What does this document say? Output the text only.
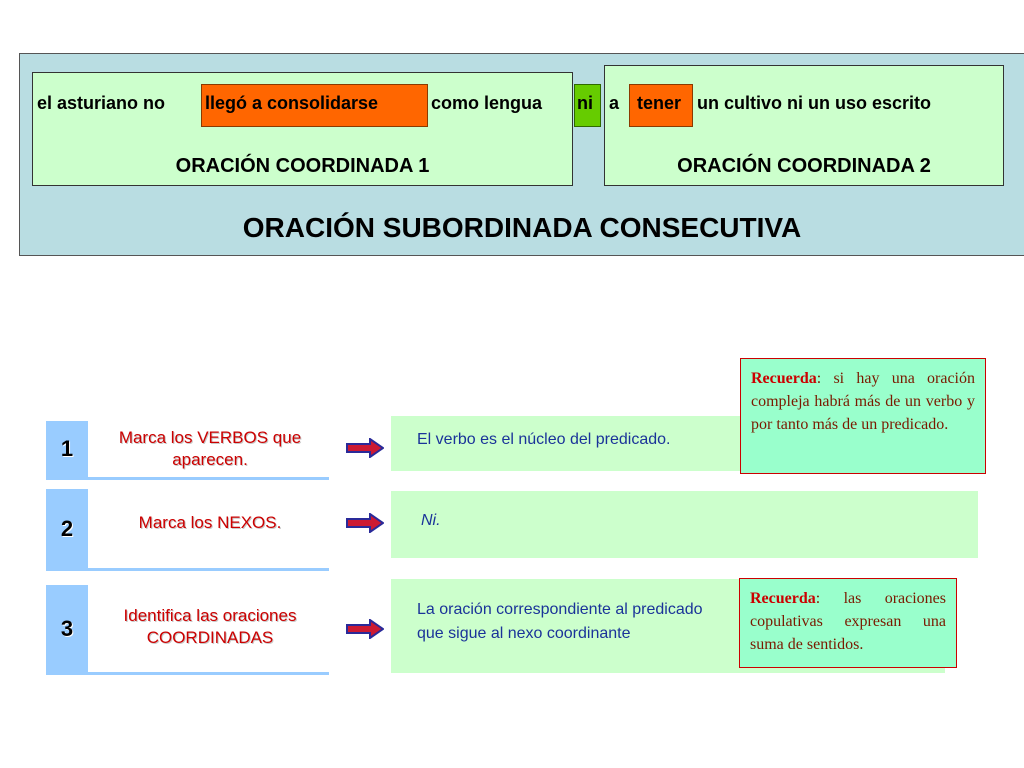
el asturiano no llegó a consolidarse	como lengua ni a tener un cultivo ni un uso escrito
ORACIÓN COORDINADA 1	ORACIÓN COORDINADA 2
ORACIÓN SUBORDINADA CONSECUTIVA
1	Marca los VERBOS que aparecen.
El verbo es el núcleo del predicado.
2	Marca los NEXOS.	Ni.
3	Identifica las oraciones COORDINADAS
La oración correspondiente al predicado que sigue al nexo coordinante
Recuerda: si hay una oración compleja habrá más de un verbo y por tanto más de un predicado.
Recuerda: las oraciones copulativas expresan una suma de sentidos.
